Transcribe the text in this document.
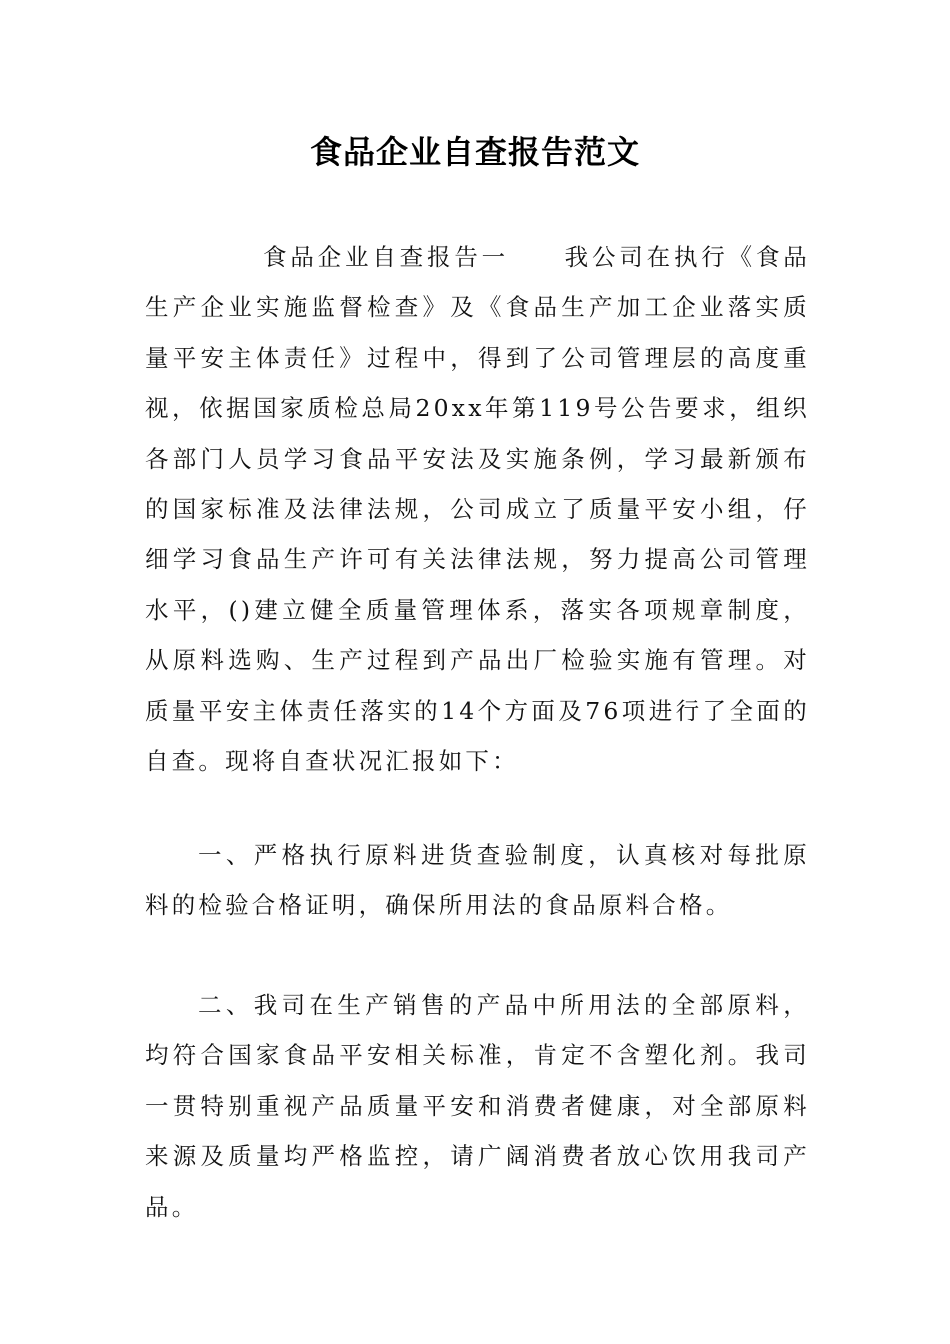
食品企业自查报告范文

食品企业自查报告一 我公司在执行《食品生产企业实施监督检查》及《食品生产加工企业落实质量平安主体责任》过程中，得到了公司管理层的高度重视，依据国家质检总局20xx年第119号公告要求，组织各部门人员学习食品平安法及实施条例，学习最新颁布的国家标准及法律法规，公司成立了质量平安小组，仔细学习食品生产许可有关法律法规，努力提高公司管理水平，()建立健全质量管理体系，落实各项规章制度，从原料选购、生产过程到产品出厂检验实施有管理。对质量平安主体责任落实的14个方面及76项进行了全面的自查。现将自查状况汇报如下：

一、严格执行原料进货查验制度，认真核对每批原料的检验合格证明，确保所用法的食品原料合格。

二、我司在生产销售的产品中所用法的全部原料，均符合国家食品平安相关标准，肯定不含塑化剂。我司一贯特别重视产品质量平安和消费者健康，对全部原料来源及质量均严格监控，请广阔消费者放心饮用我司产品。
